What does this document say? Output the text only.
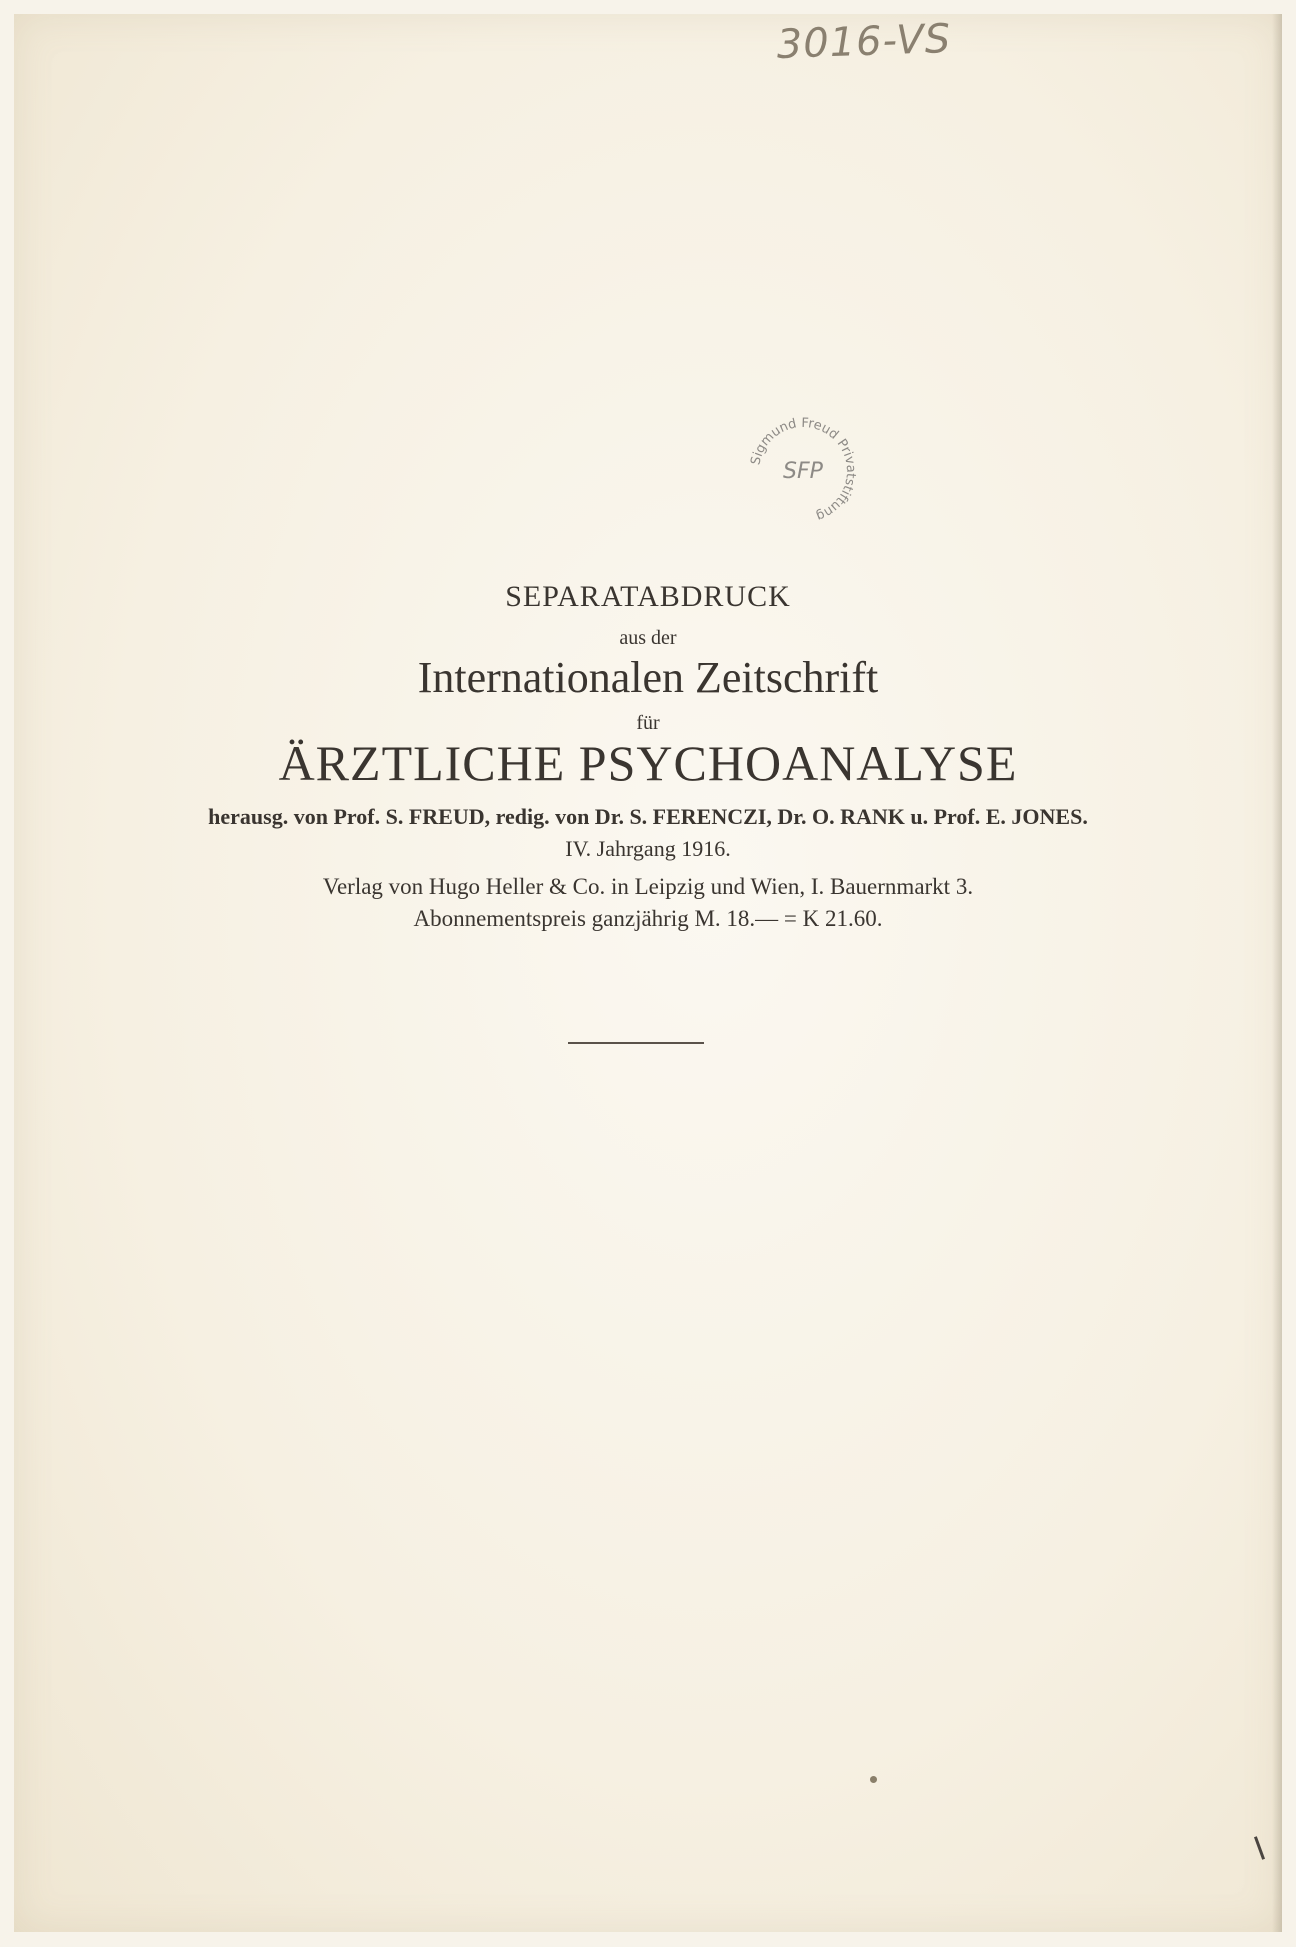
3016-VS
Sigmund Freud Privatstiftung
SFP
SEPARATABDRUCK
aus der
Internationalen Zeitschrift
für
ÄRZTLICHE PSYCHOANALYSE
herausg. von Prof. S. FREUD, redig. von Dr. S. FERENCZI, Dr. O. RANK u. Prof. E. JONES.
IV. Jahrgang 1916.
Verlag von Hugo Heller & Co. in Leipzig und Wien, I. Bauernmarkt 3.
Abonnementspreis ganzjährig M. 18.— = K 21.60.
